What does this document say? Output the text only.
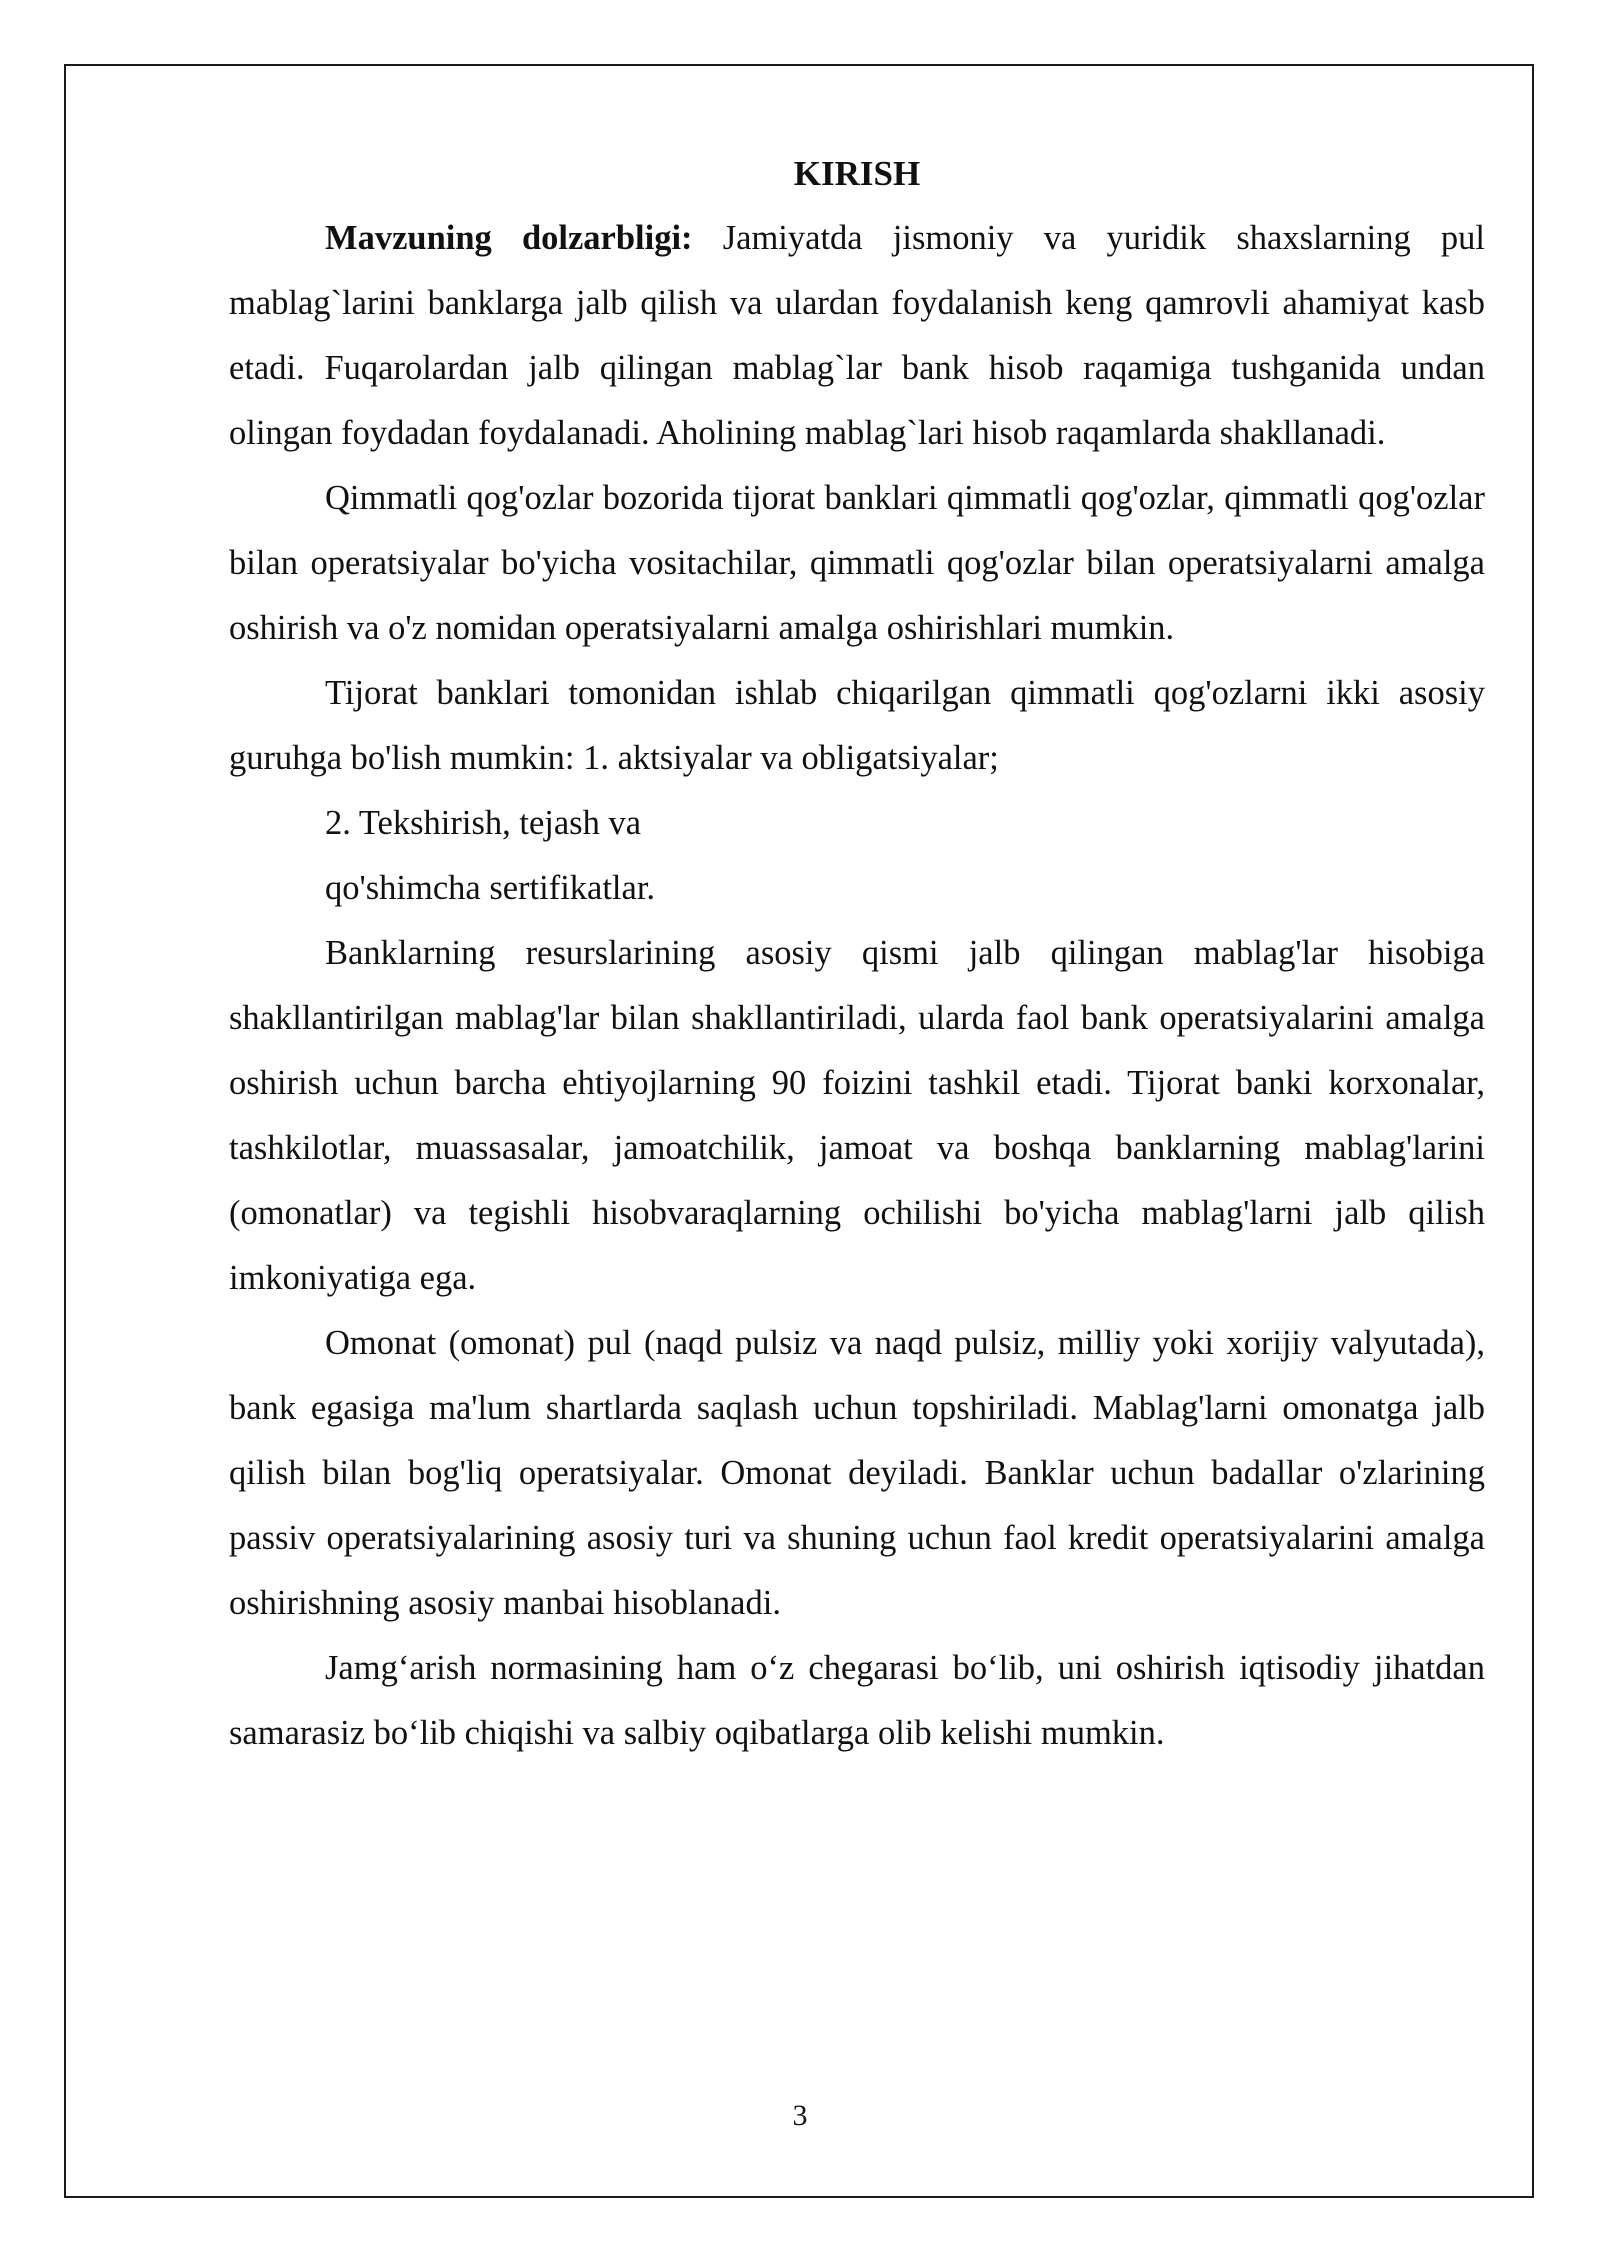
KIRISH

Mavzuning dolzarbligi: Jamiyatda jismoniy va yuridik shaxslarning pul mablag`larini banklarga jalb qilish va ulardan foydalanish keng qamrovli ahamiyat kasb etadi. Fuqarolardan jalb qilingan mablag`lar bank hisob raqamiga tushganida undan olingan foydadan foydalanadi. Aholining mablag`lari hisob raqamlarda shakllanadi.

Qimmatli qog'ozlar bozorida tijorat banklari qimmatli qog'ozlar, qimmatli qog'ozlar bilan operatsiyalar bo'yicha vositachilar, qimmatli qog'ozlar bilan operatsiyalarni amalga oshirish va o'z nomidan operatsiyalarni amalga oshirishlari mumkin.

Tijorat banklari tomonidan ishlab chiqarilgan qimmatli qog'ozlarni ikki asosiy guruhga bo'lish mumkin: 1. aktsiyalar va obligatsiyalar;

2. Tekshirish, tejash va

qo'shimcha sertifikatlar.

Banklarning resurslarining asosiy qismi jalb qilingan mablag'lar hisobiga shakllantirilgan mablag'lar bilan shakllantiriladi, ularda faol bank operatsiyalarini amalga oshirish uchun barcha ehtiyojlarning 90 foizini tashkil etadi. Tijorat banki korxonalar, tashkilotlar, muassasalar, jamoatchilik, jamoat va boshqa banklarning mablag'larini (omonatlar) va tegishli hisobvaraqlarning ochilishi bo'yicha mablag'larni jalb qilish imkoniyatiga ega.

Omonat (omonat) pul (naqd pulsiz va naqd pulsiz, milliy yoki xorijiy valyutada), bank egasiga ma'lum shartlarda saqlash uchun topshiriladi. Mablag'larni omonatga jalb qilish bilan bog'liq operatsiyalar. Omonat deyiladi. Banklar uchun badallar o'zlarining passiv operatsiyalarining asosiy turi va shuning uchun faol kredit operatsiyalarini amalga oshirishning asosiy manbai hisoblanadi.

Jamg‘arish normasining ham o‘z chegarasi bo‘lib, uni oshirish iqtisodiy jihatdan samarasiz bo‘lib chiqishi va salbiy oqibatlarga olib kelishi mumkin.

3
